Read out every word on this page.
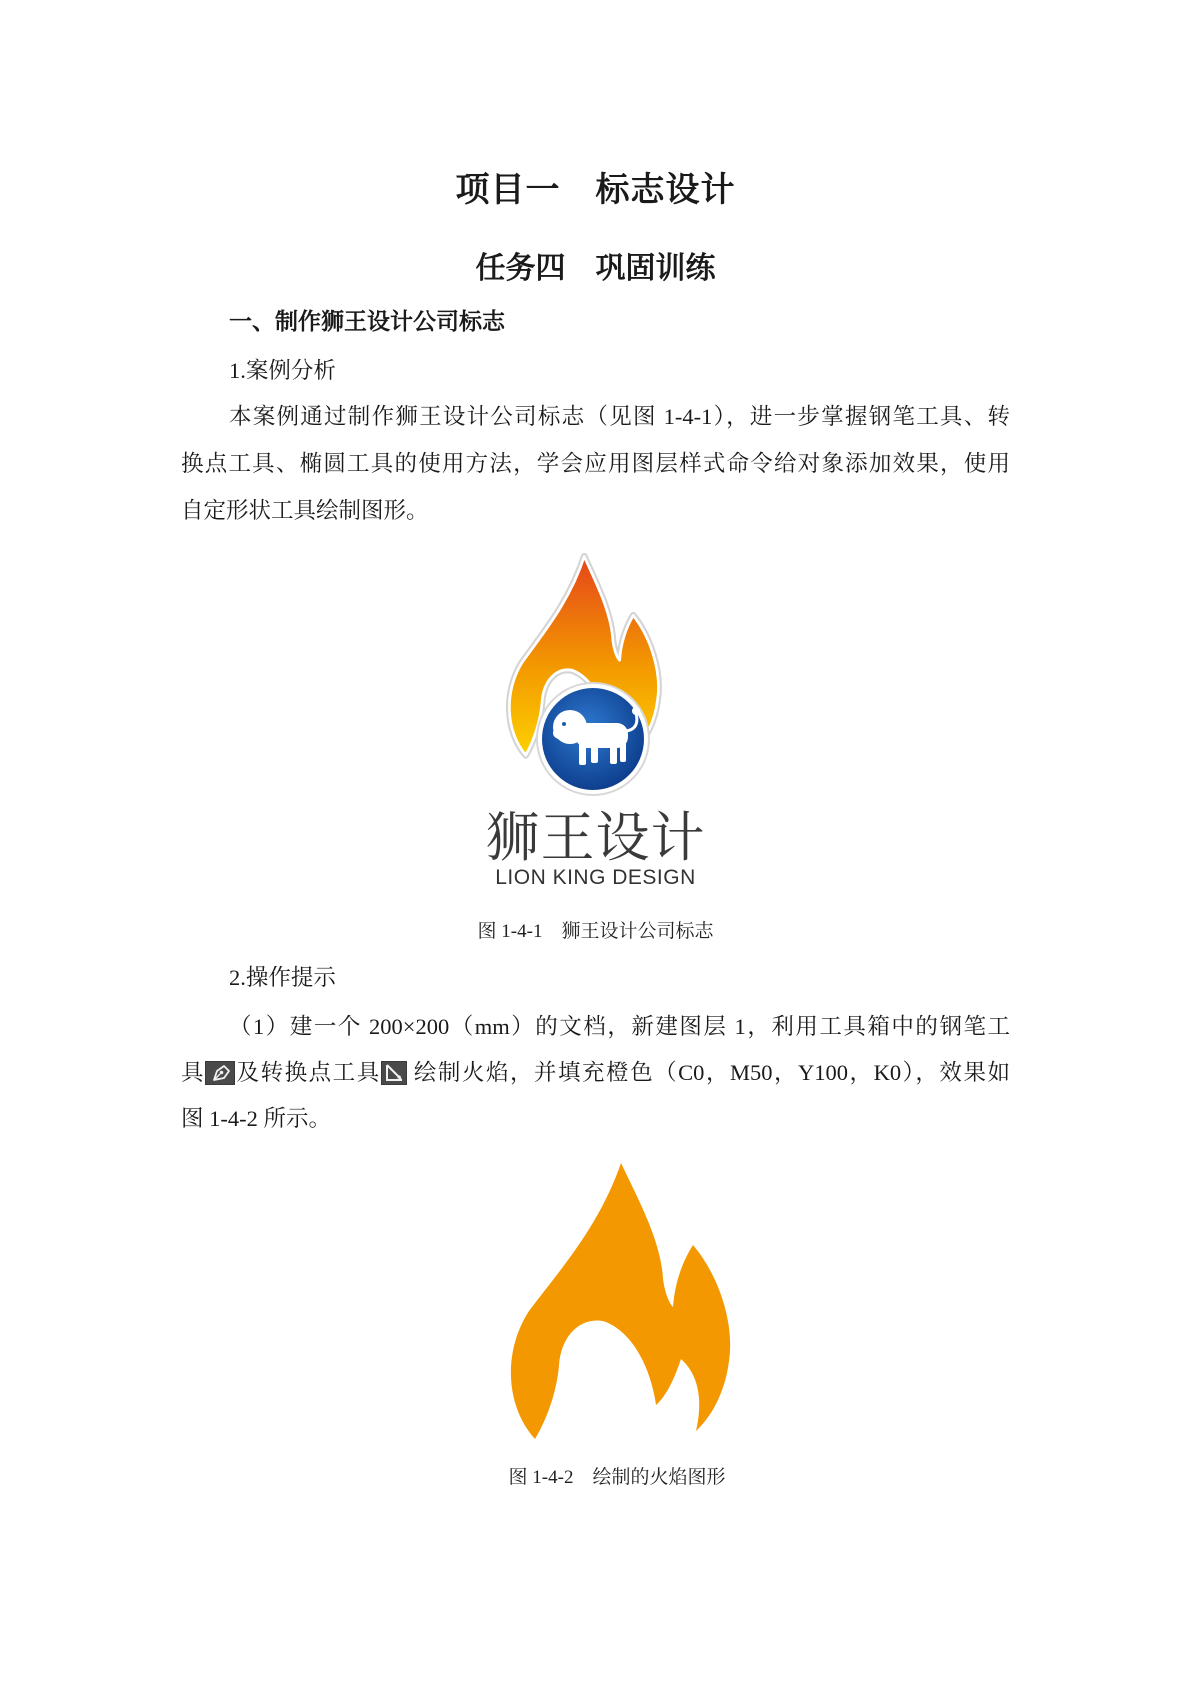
项目一　标志设计
任务四　巩固训练
一、制作狮王设计公司标志
1.案例分析
本案例通过制作狮王设计公司标志（见图 1-4-1），进一步掌握钢笔工具、转
换点工具、椭圆工具的使用方法，学会应用图层样式命令给对象添加效果，使用
自定形状工具绘制图形。
狮王设计
LION KING DESIGN
图 1-4-1　狮王设计公司标志
2.操作提示
（1）建一个 200×200（mm）的文档，新建图层 1，利用工具箱中的钢笔工
具 及转换点工具
绘制火焰，并填充橙色（C0，M50，Y100，K0），效果如
图 1-4-2 所示。
图 1-4-2　绘制的火焰图形
